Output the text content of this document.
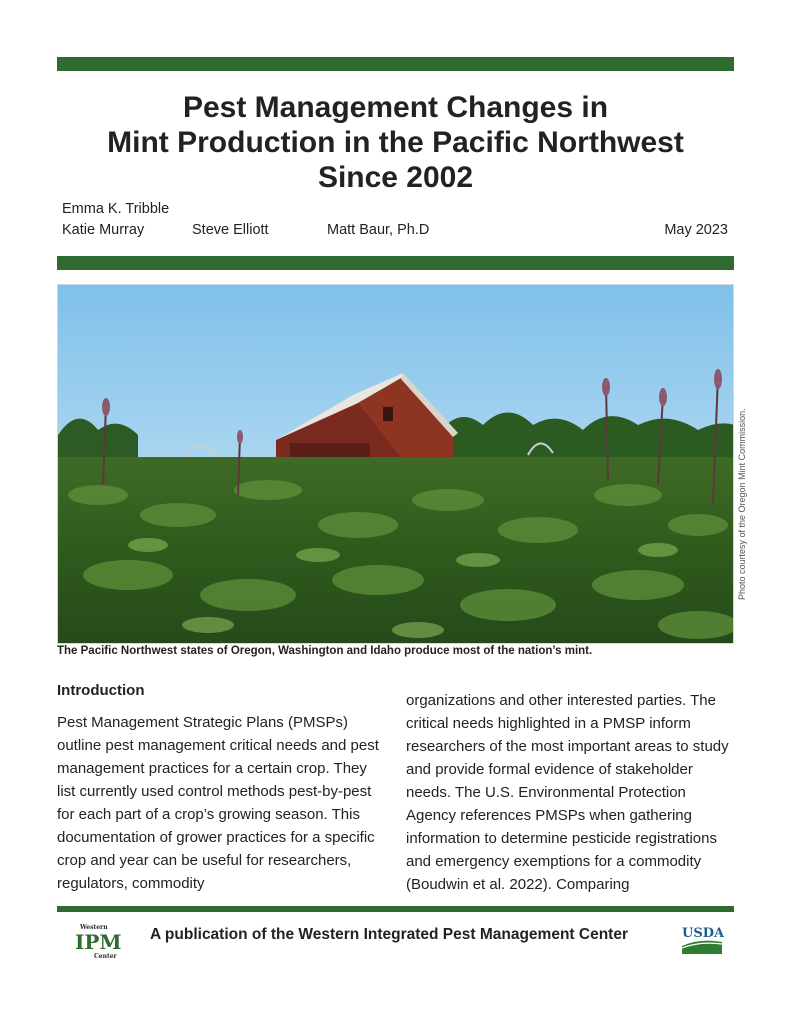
Pest Management Changes in
Mint Production in the Pacific Northwest
Since 2002
Emma K. Tribble
Katie Murray	Steve Elliott	Matt Baur, Ph.D	May 2023
Photo courtesy of the Oregon Mint Commission.
The Pacific Northwest states of Oregon, Washington and Idaho produce most of the nation’s mint.
Introduction

Pest Management Strategic Plans (PMSPs) outline pest management critical needs and pest management practices for a certain crop. They list currently used control methods pest-by-pest for each part of a crop’s growing season. This documentation of grower practices for a specific crop and year can be useful for researchers, regulators, commodity

organizations and other interested parties. The critical needs highlighted in a PMSP inform researchers of the most important areas to study and provide formal evidence of stakeholder needs. The U.S. Environmental Protection Agency references PMSPs when gathering information to determine pesticide registrations and emergency exemptions for a commodity (Boudwin et al. 2022). Comparing

Western
IPM
Center
A publication of the Western Integrated Pest Management Center	USDA
